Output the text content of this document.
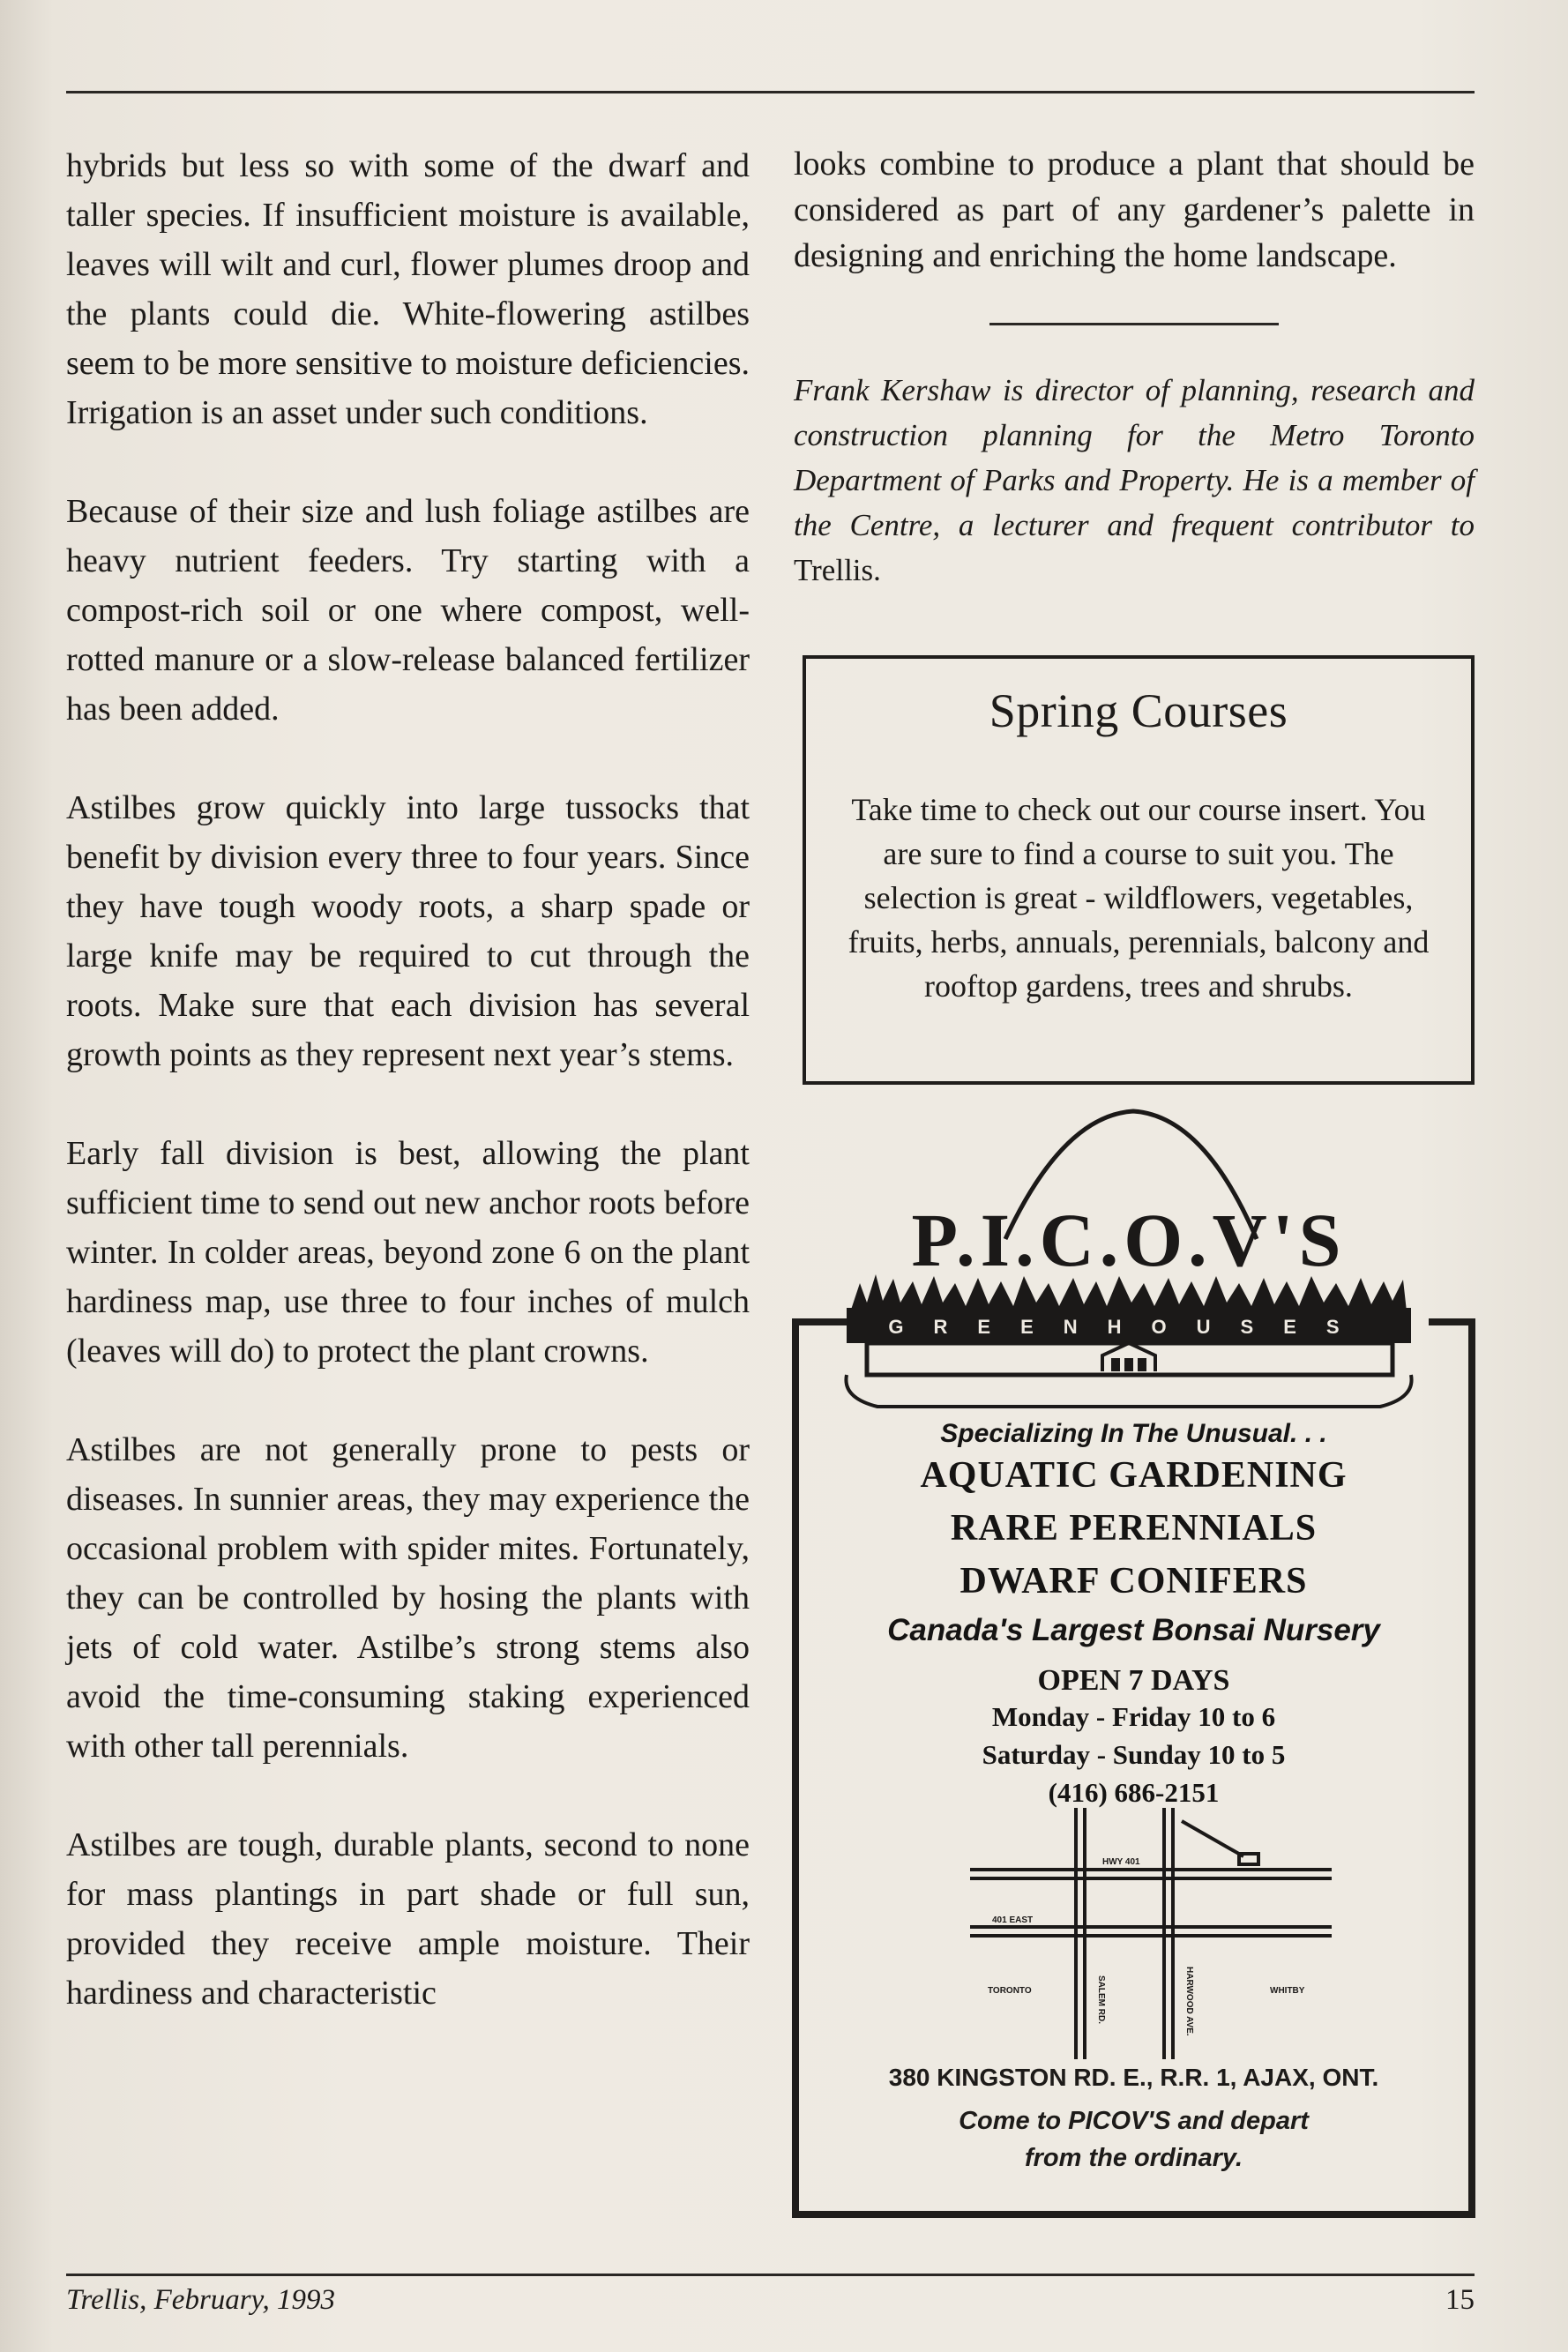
hybrids but less so with some of the dwarf and taller species. If insufficient moisture is available, leaves will wilt and curl, flower plumes droop and the plants could die. White-flowering astilbes seem to be more sensitive to moisture deficiencies. Irrigation is an asset under such conditions.

Because of their size and lush foliage astilbes are heavy nutrient feeders. Try starting with a compost-rich soil or one where compost, well-rotted manure or a slow-release balanced fertilizer has been added.

Astilbes grow quickly into large tussocks that benefit by division every three to four years. Since they have tough woody roots, a sharp spade or large knife may be required to cut through the roots. Make sure that each division has several growth points as they represent next year’s stems.

Early fall division is best, allowing the plant sufficient time to send out new anchor roots before winter. In colder areas, beyond zone 6 on the plant hardiness map, use three to four inches of mulch (leaves will do) to protect the plant crowns.

Astilbes are not generally prone to pests or diseases. In sunnier areas, they may experience the occasional problem with spider mites. Fortunately, they can be controlled by hosing the plants with jets of cold water. Astilbe’s strong stems also avoid the time-consuming staking experienced with other tall perennials.

Astilbes are tough, durable plants, second to none for mass plantings in part shade or full sun, provided they receive ample moisture. Their hardiness and characteristic

looks combine to produce a plant that should be considered as part of any gardener’s palette in designing and enriching the home landscape.

Frank Kershaw is director of planning, research and construction planning for the Metro Toronto Department of Parks and Property. He is a member of the Centre, a lecturer and frequent contributor to Trellis.

Spring Courses
Take time to check out our course insert. You are sure to find a course to suit you. The selection is great - wildflowers, vegetables, fruits, herbs, annuals, perennials, balcony and rooftop gardens, trees and shrubs.
P.I.C.O.V'S
GREENHOUSES
Specializing In The Unusual. . .
AQUATIC GARDENING
RARE PERENNIALS
DWARF CONIFERS
Canada's Largest Bonsai Nursery
OPEN 7 DAYS
Monday - Friday 10 to 6
Saturday - Sunday 10 to 5
(416) 686-2151
HWY 401
401 EAST
TORONTO	WHITBY
SALEM RD.	HARWOOD AVE.
380 KINGSTON RD. E., R.R. 1, AJAX, ONT.
Come to PICOV'S and depart
from the ordinary.
Trellis, February, 1993	15
